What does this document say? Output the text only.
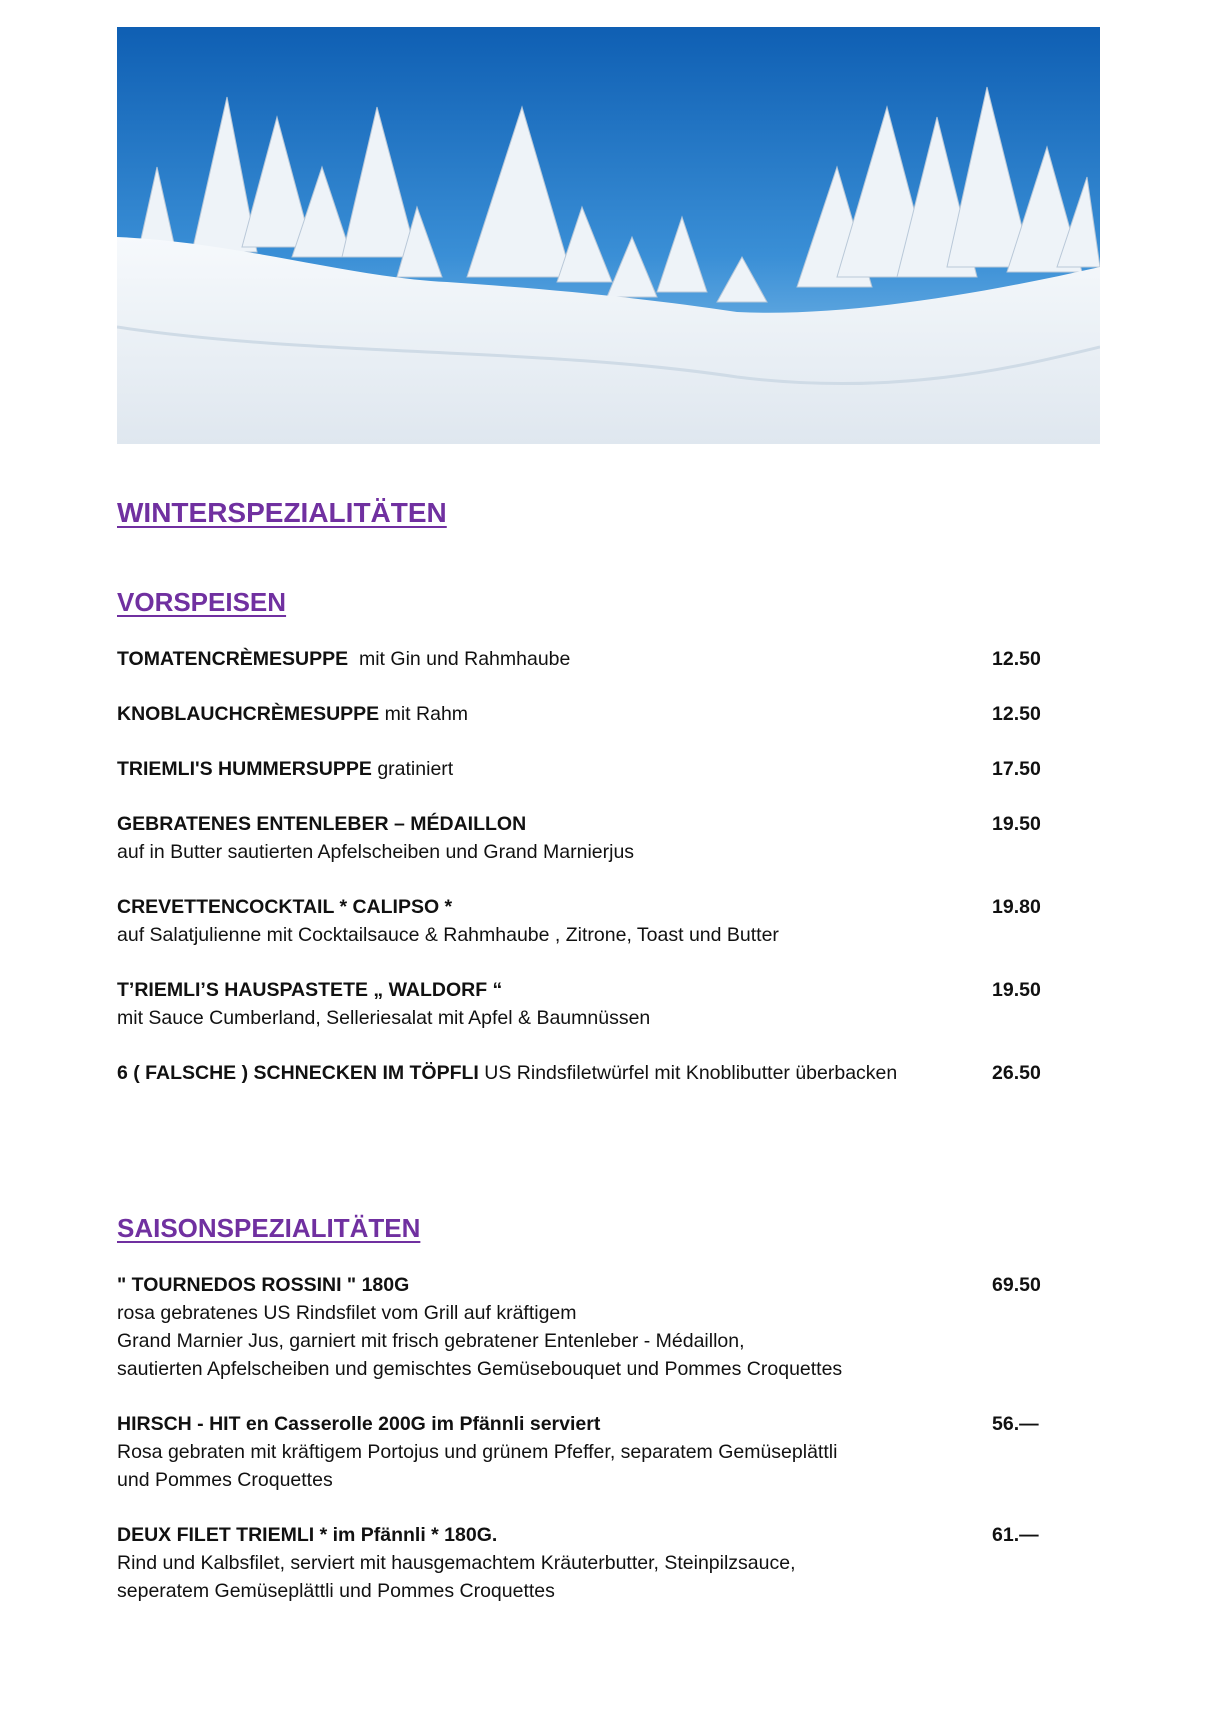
WINTERSPEZIALITÄTEN
VORSPEISEN
TOMATENCRÈMESUPPE mit Gin und Rahmhaube	12.50
KNOBLAUCHCRÈMESUPPE mit Rahm	12.50
TRIEMLI'S HUMMERSUPPE gratiniert	17.50
GEBRATENES ENTENLEBER – MÉDAILLON	19.50
auf in Butter sautierten Apfelscheiben und Grand Marnierjus
CREVETTENCOCKTAIL * CALIPSO *	19.80
auf Salatjulienne mit Cocktailsauce & Rahmhaube , Zitrone, Toast und Butter
T’RIEMLI’S HAUSPASTETE „ WALDORF “	19.50
mit Sauce Cumberland, Selleriesalat mit Apfel & Baumnüssen
6 ( FALSCHE ) SCHNECKEN IM TÖPFLI US Rindsfiletwürfel mit Knoblibutter überbacken	26.50
SAISONSPEZIALITÄTEN
" TOURNEDOS ROSSINI " 180G	69.50
rosa gebratenes US Rindsfilet vom Grill auf kräftigem
Grand Marnier Jus, garniert mit frisch gebratener Entenleber - Médaillon,
sautierten Apfelscheiben und gemischtes Gemüsebouquet und Pommes Croquettes
HIRSCH - HIT en Casserolle 200G im Pfännli serviert	56.—
Rosa gebraten mit kräftigem Portojus und grünem Pfeffer, separatem Gemüseplättli
und Pommes Croquettes
DEUX FILET TRIEMLI * im Pfännli * 180G.	61.—
Rind und Kalbsfilet, serviert mit hausgemachtem Kräuterbutter, Steinpilzsauce,
seperatem Gemüseplättli und Pommes Croquettes
